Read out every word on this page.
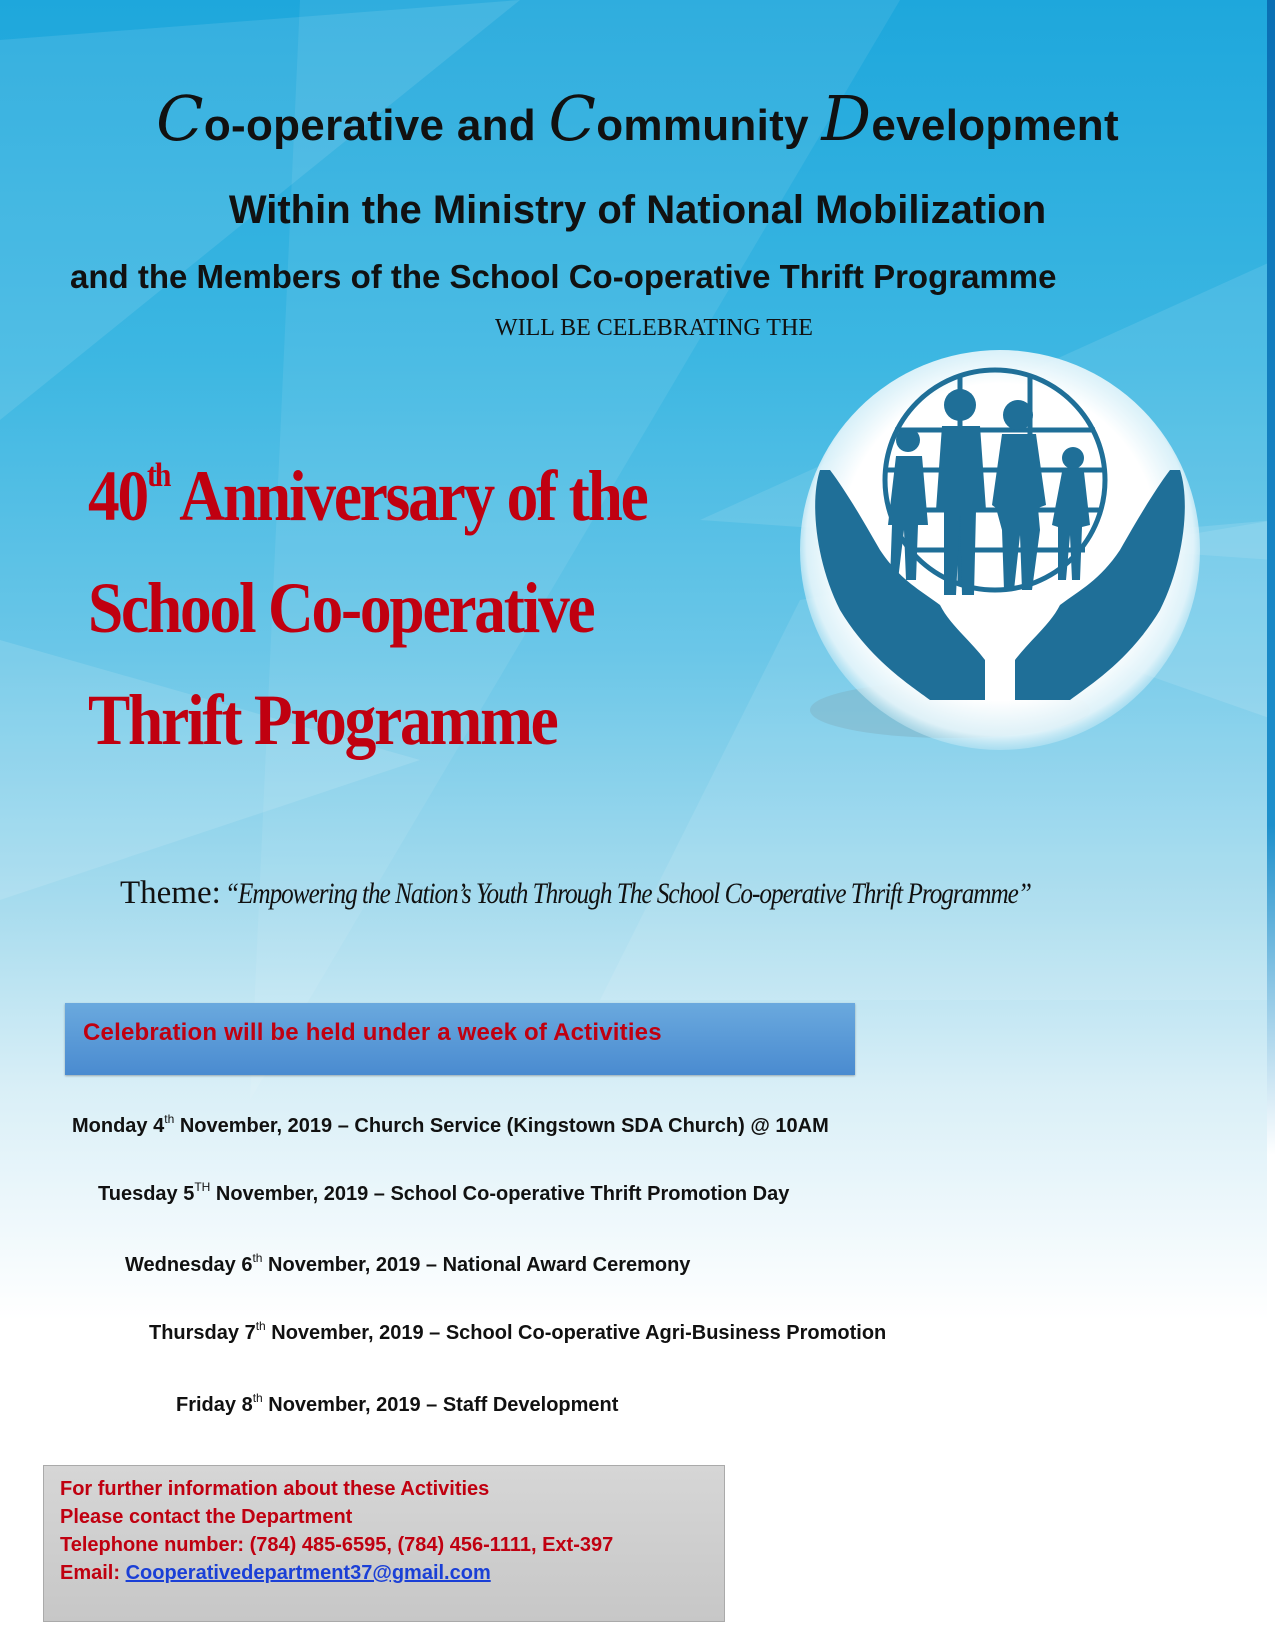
Co-operative and Community Development
Within the Ministry of National Mobilization
and the Members of the School Co-operative Thrift Programme
WILL BE CELEBRATING THE
40th Anniversary of the
School Co-operative
Thrift Programme
Theme: “Empowering the Nation’s Youth Through The School Co-operative Thrift Programme”
Celebration will be held under a week of Activities
Monday 4th November, 2019 – Church Service (Kingstown SDA Church) @ 10AM
Tuesday 5TH November, 2019 – School Co-operative Thrift Promotion Day
Wednesday 6th November, 2019 – National Award Ceremony
Thursday 7th November, 2019 – School Co-operative Agri-Business Promotion
Friday 8th November, 2019 – Staff Development
For further information about these Activities
Please contact the Department
Telephone number: (784) 485-6595, (784) 456-1111, Ext-397
Email: Cooperativedepartment37@gmail.com
